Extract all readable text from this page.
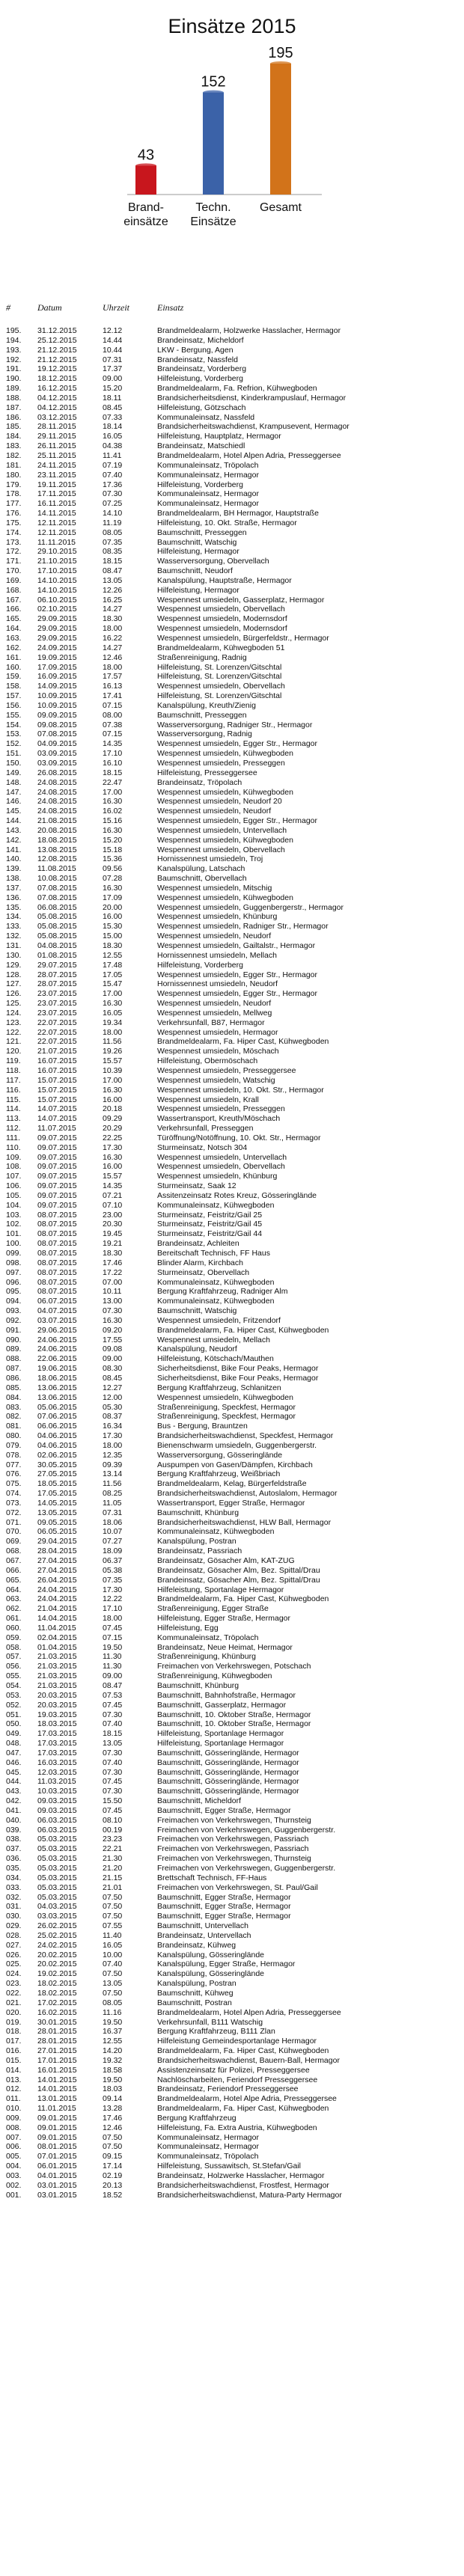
Einsätze 2015
43
Brand-einsätze
152
Techn. Einsätze
195
Gesamt
#	Datum	Uhrzeit	Einsatz
195. 31.12.2015	12.12	Brandmeldealarm, Holzwerke Hasslacher, Hermagor
194. 25.12.2015	14.44	Brandeinsatz, Micheldorf
193. 21.12.2015	10.44	LKW - Bergung, Agen
192. 21.12.2015	07.31	Brandeinsatz, Nassfeld
191. 19.12.2015	17.37	Brandeinsatz, Vorderberg
190. 18.12.2015	09.00	Hilfeleistung, Vorderberg
189. 16.12.2015	15.20	Brandmeldealarm, Fa. Refrion, Kühwegboden
188. 04.12.2015	18.11	Brandsicherheitsdienst, Kinderkrampuslauf, Hermagor
187. 04.12.2015	08.45	Hilfeleistung, Götzschach
186. 03.12.2015	07.33	Kommunaleinsatz, Nassfeld
185. 28.11.2015	18.14	Brandsicherheitswachdienst, Krampusevent, Hermagor
184. 29.11.2015	16.05	Hilfeleistung, Hauptplatz, Hermagor
183. 26.11.2015	04.38	Brandeinsatz, Matschiedl
182. 25.11.2015	11.41	Brandmeldealarm, Hotel Alpen Adria, Presseggersee
181. 24.11.2015	07.19	Kommunaleinsatz, Tröpolach
180. 23.11.2015	07.40	Kommunaleinsatz, Hermagor
179. 19.11.2015	17.36	Hilfeleistung, Vorderberg
178. 17.11.2015	07.30	Kommunaleinsatz, Hermagor
177. 16.11.2015	07.25	Kommunaleinsatz, Hermagor
176. 14.11.2015	14.10	Brandmeldealarm, BH Hermagor, Hauptstraße
175. 12.11.2015	11.19	Hilfeleistung, 10. Okt. Straße, Hermagor
174. 12.11.2015	08.05	Baumschnitt, Presseggen
173. 11.11.2015	07.35	Baumschnitt, Watschig
172. 29.10.2015	08.35	Hilfeleistung, Hermagor
171. 21.10.2015	18.15	Wasserversorgung, Obervellach
170. 17.10.2015	08.47	Baumschnitt, Neudorf
169. 14.10.2015	13.05	Kanalspülung, Hauptstraße, Hermagor
168. 14.10.2015	12.26	Hilfeleistung, Hermagor
167. 06.10.2015	16.25	Wespennest umsiedeln, Gasserplatz, Hermagor
166. 02.10.2015	14.27	Wespennest umsiedeln, Obervellach
165. 29.09.2015	18.30	Wespennest umsiedeln, Modernsdorf
164. 29.09.2015	18.00	Wespennest umsiedeln, Modernsdorf
163. 29.09.2015	16.22	Wespennest umsiedeln, Bürgerfeldstr., Hermagor
162. 24.09.2015	14.27	Brandmeldealarm, Kühwegboden 51
161. 19.09.2015	12.46	Straßenreinigung, Radnig
160. 17.09.2015	18.00	Hilfeleistung, St. Lorenzen/Gitschtal
159. 16.09.2015	17.57	Hilfeleistung, St. Lorenzen/Gitschtal
158. 14.09.2015	16.13	Wespennest umsiedeln, Obervellach
157. 10.09.2015	17.41	Hilfeleistung, St. Lorenzen/Gitschtal
156. 10.09.2015	07.15	Kanalspülung, Kreuth/Zienig
155. 09.09.2015	08.00	Baumschnitt, Presseggen
154. 09.08.2015	07.38	Wasserversorgung, Radniger Str., Hermagor
153. 07.08.2015	07.15	Wasserversorgung, Radnig
152. 04.09.2015	14.35	Wespennest umsiedeln, Egger Str., Hermagor
151. 03.09.2015	17.10	Wespennest umsiedeln, Kühwegboden
150. 03.09.2015	16.10	Wespennest umsiedeln, Presseggen
149. 26.08.2015	18.15	Hilfeleistung, Presseggersee
148. 24.08.2015	22.47	Brandeinsatz, Tröpolach
147. 24.08.2015	17.00	Wespennest umsiedeln, Kühwegboden
146. 24.08.2015	16.30	Wespennest umsiedeln, Neudorf 20
145. 24.08.2015	16.02	Wespennest umsiedeln, Neudorf
144. 21.08.2015	15.16	Wespennest umsiedeln, Egger Str., Hermagor
143. 20.08.2015	16.30	Wespennest umsiedeln, Untervellach
142. 18.08.2015	15.20	Wespennest umsiedeln, Kühwegboden
141. 13.08.2015	15.18	Wespennest umsiedeln, Obervellach
140. 12.08.2015	15.36	Hornissennest umsiedeln, Troj
139. 11.08.2015	09.56	Kanalspülung, Latschach
138. 10.08.2015	07.28	Baumschnitt, Obervellach
137. 07.08.2015	16.30	Wespennest umsiedeln, Mitschig
136. 07.08.2015	17.09	Wespennest umsiedeln, Kühwegboden
135. 06.08.2015	20.00	Wespennest umsiedeln, Guggenbergerstr., Hermagor
134. 05.08.2015	16.00	Wespennest umsiedeln, Khünburg
133. 05.08.2015	15.30	Wespennest umsiedeln, Radniger Str., Hermagor
132. 05.08.2015	15.00	Wespennest umsiedeln, Neudorf
131. 04.08.2015	18.30	Wespennest umsiedeln, Gailtalstr., Hermagor
130. 01.08.2015	12.55	Hornissennest umsiedeln, Mellach
129. 29.07.2015	17.48	Hilfeleistung, Vorderberg
128. 28.07.2015	17.05	Wespennest umsiedeln, Egger Str., Hermagor
127. 28.07.2015	15.47	Hornissennest umsiedeln, Neudorf
126. 23.07.2015	17.00	Wespennest umsiedeln, Egger Str., Hermagor
125. 23.07.2015	16.30	Wespennest umsiedeln, Neudorf
124. 23.07.2015	16.05	Wespennest umsiedeln, Mellweg
123. 22.07.2015	19.34	Verkehrsunfall, B87, Hermagor
122. 22.07.2015	18.00	Wespennest umsiedeln, Hermagor
121. 22.07.2015	11.56	Brandmeldealarm, Fa. Hiper Cast, Kühwegboden
120. 21.07.2015	19.26	Wespennest umsiedeln, Möschach
119. 16.07.2015	15.57	Hilfeleistung, Obermöschach
118. 16.07.2015	10.39	Wespennest umsiedeln, Presseggersee
117. 15.07.2015	17.00	Wespennest umsiedeln, Watschig
116. 15.07.2015	16.30	Wespennest umsiedeln, 10. Okt. Str., Hermagor
115. 15.07.2015	16.00	Wespennest umsiedeln, Krall
114. 14.07.2015	20.18	Wespennest umsiedeln, Presseggen
113. 14.07.2015	09.29	Wassertransport, Kreuth/Möschach
112. 11.07.2015	20.29	Verkehrsunfall, Presseggen
111. 09.07.2015	22.25	Türöffnung/Notöffnung, 10. Okt. Str., Hermagor
110. 09.07.2015	17.30	Sturmeinsatz, Notsch 304
109. 09.07.2015	16.30	Wespennest umsiedeln, Untervellach
108. 09.07.2015	16.00	Wespennest umsiedeln, Obervellach
107. 09.07.2015	15.57	Wespennest umsiedeln, Khünburg
106. 09.07.2015	14.35	Sturmeinsatz, Saak 12
105. 09.07.2015	07.21	Assitenzeinsatz Rotes Kreuz, Gösseringlände
104. 09.07.2015	07.10	Kommunaleinsatz, Kühwegboden
103. 08.07.2015	23.00	Sturmeinsatz, Feistritz/Gail 25
102. 08.07.2015	20.30	Sturmeinsatz, Feistritz/Gail 45
101. 08.07.2015	19.45	Sturmeinsatz, Feistritz/Gail 44
100. 08.07.2015	19.21	Brandeinsatz, Achleiten
099. 08.07.2015	18.30	Bereitschaft Technisch, FF Haus
098. 08.07.2015	17.46	Blinder Alarm, Kirchbach
097. 08.07.2015	17.22	Sturmeinsatz, Obervellach
096. 08.07.2015	07.00	Kommunaleinsatz, Kühwegboden
095. 08.07.2015	10.11	Bergung Kraftfahrzeug, Radniger Alm
094. 06.07.2015	13.00	Kommunaleinsatz, Kühwegboden
093. 04.07.2015	07.30	Baumschnitt, Watschig
092. 03.07.2015	16.30	Wespennest umsiedeln, Fritzendorf
091. 29.06.2015	09.20	Brandmeldealarm, Fa. Hiper Cast, Kühwegboden
090. 24.06.2015	17.55	Wespennest umsiedeln, Mellach
089. 24.06.2015	09.08	Kanalspülung, Neudorf
088. 22.06.2015	09.00	Hilfeleistung, Kötschach/Mauthen
087. 19.06.2015	08.30	Sicherheitsdienst, Bike Four Peaks, Hermagor
086. 18.06.2015	08.45	Sicherheitsdienst, Bike Four Peaks, Hermagor
085. 13.06.2015	12.27	Bergung Kraftfahrzeug, Schlanitzen
084. 13.06.2015	12.00	Wespennest umsiedeln, Kühwegboden
083. 05.06.2015	05.30	Straßenreinigung, Speckfest, Hermagor
082. 07.06.2015	08.37	Straßenreinigung, Speckfest, Hermagor
081. 06.06.2015	16.34	Bus - Bergung, Brauntzen
080. 04.06.2015	17.30	Brandsicherheitswachdienst, Speckfest, Hermagor
079. 04.06.2015	18.00	Bienenschwarm umsiedeln, Guggenbergerstr.
078. 02.06.2015	12.35	Wasserversorgung, Gösseringlände
077. 30.05.2015	09.39	Auspumpen von Gasen/Dämpfen, Kirchbach
076. 27.05.2015	13.14	Bergung Kraftfahrzeug, Weißbriach
075. 18.05.2015	11.56	Brandmeldealarm, Kelag, Bürgerfeldstraße
074. 17.05.2015	08.25	Brandsicherheitswachdienst, Autoslalom, Hermagor
073. 14.05.2015	11.05	Wassertransport, Egger Straße, Hermagor
072. 13.05.2015	07.31	Baumschnitt, Khünburg
071. 09.05.2015	18.06	Brandsicherheitswachdienst, HLW Ball, Hermagor
070. 06.05.2015	10.07	Kommunaleinsatz, Kühwegboden
069. 29.04.2015	07.27	Kanalspülung, Postran
068. 28.04.2015	18.09	Brandeinsatz, Passriach
067. 27.04.2015	06.37	Brandeinsatz, Gösacher Alm, KAT-ZUG
066. 27.04.2015	05.38	Brandeinsatz, Gösacher Alm, Bez. Spittal/Drau
065. 26.04.2015	07.35	Brandeinsatz, Gösacher Alm, Bez. Spittal/Drau
064. 24.04.2015	17.30	Hilfeleistung, Sportanlage Hermagor
063. 24.04.2015	12.22	Brandmeldealarm, Fa. Hiper Cast, Kühwegboden
062. 21.04.2015	17.10	Straßenreinigung, Egger Straße
061. 14.04.2015	18.00	Hilfeleistung, Egger Straße, Hermagor
060. 11.04.2015	07.45	Hilfeleistung, Egg
059. 02.04.2015	07.15	Kommunaleinsatz, Tröpolach
058. 01.04.2015	19.50	Brandeinsatz, Neue Heimat, Hermagor
057. 21.03.2015	11.30	Straßenreinigung, Khünburg
056. 21.03.2015	11.30	Freimachen von Verkehrswegen, Potschach
055. 21.03.2015	09.00	Straßenreinigung, Kühwegboden
054. 21.03.2015	08.47	Baumschnitt, Khünburg
053. 20.03.2015	07.53	Baumschnitt, Bahnhofstraße, Hermagor
052. 20.03.2015	07.45	Baumschnitt, Gasserplatz, Hermagor
051. 19.03.2015	07.30	Baumschnitt, 10. Oktober Straße, Hermagor
050. 18.03.2015	07.40	Baumschnitt, 10. Oktober Straße, Hermagor
049. 17.03.2015	18.15	Hilfeleistung, Sportanlage Hermagor
048. 17.03.2015	13.05	Hilfeleistung, Sportanlage Hermagor
047. 17.03.2015	07.30	Baumschnitt, Gösseringlände, Hermagor
046. 16.03.2015	07.40	Baumschnitt, Gösseringlände, Hermagor
045. 12.03.2015	07.30	Baumschnitt, Gösseringlände, Hermagor
044. 11.03.2015	07.45	Baumschnitt, Gösseringlände, Hermagor
043. 10.03.2015	07.30	Baumschnitt, Gösseringlände, Hermagor
042. 09.03.2015	15.50	Baumschnitt, Micheldorf
041. 09.03.2015	07.45	Baumschnitt, Egger Straße, Hermagor
040. 06.03.2015	08.10	Freimachen von Verkehrswegen, Thurnsteig
039. 06.03.2015	00.19	Freimachen von Verkehrswegen, Guggenbergerstr.
038. 05.03.2015	23.23	Freimachen von Verkehrswegen, Passriach
037. 05.03.2015	22.21	Freimachen von Verkehrswegen, Passriach
036. 05.03.2015	21.30	Freimachen von Verkehrswegen, Thurnsteig
035. 05.03.2015	21.20	Freimachen von Verkehrswegen, Guggenbergerstr.
034. 05.03.2015	21.15	Brettschaft Technisch, FF-Haus
033. 05.03.2015	21.01	Freimachen von Verkehrswegen, St. Paul/Gail
032. 05.03.2015	07.50	Baumschnitt, Egger Straße, Hermagor
031. 04.03.2015	07.50	Baumschnitt, Egger Straße, Hermagor
030. 03.03.2015	07.50	Baumschnitt, Egger Straße, Hermagor
029. 26.02.2015	07.55	Baumschnitt, Untervellach
028. 25.02.2015	11.40	Brandeinsatz, Untervellach
027. 24.02.2015	16.05	Brandeinsatz, Kühweg
026. 20.02.2015	10.00	Kanalspülung, Gösseringlände
025. 20.02.2015	07.40	Kanalspülung, Egger Straße, Hermagor
024. 19.02.2015	07.50	Kanalspülung, Gösseringlände
023. 18.02.2015	13.05	Kanalspülung, Postran
022. 18.02.2015	07.50	Baumschnitt, Kühweg
021. 17.02.2015	08.05	Baumschnitt, Postran
020. 16.02.2015	11.16	Brandmeldealarm, Hotel Alpen Adria, Presseggersee
019. 30.01.2015	19.50	Verkehrsunfall, B111 Watschig
018. 28.01.2015	16.37	Bergung Kraftfahrzeug, B111 Zlan
017. 28.01.2015	12.55	Hilfeleistung Gemeindesportanlage Hermagor
016. 27.01.2015	14.20	Brandmeldealarm, Fa. Hiper Cast, Kühwegboden
015. 17.01.2015	19.32	Brandsicherheitswachdienst, Bauern-Ball, Hermagor
014. 16.01.2015	18.58	Assistenzeinsatz für Polizei, Presseggersee
013. 14.01.2015	19.50	Nachlöscharbeiten, Feriendorf Presseggersee
012. 14.01.2015	18.03	Brandeinsatz, Feriendorf Presseggersee
011. 13.01.2015	09.14	Brandmeldealarm, Hotel Alpe Adria, Presseggersee
010. 11.01.2015	13.28	Brandmeldealarm, Fa. Hiper Cast, Kühwegboden
009. 09.01.2015	17.46	Bergung Kraftfahrzeug
008. 09.01.2015	12.46	Hilfeleistung, Fa. Extra Austria, Kühwegboden
007. 09.01.2015	07.50	Kommunaleinsatz, Hermagor
006. 08.01.2015	07.50	Kommunaleinsatz, Hermagor
005. 07.01.2015	09.15	Kommunaleinsatz, Tröpolach
004. 06.01.2015	17.14	Hilfeleistung, Sussawitsch, St.Stefan/Gail
003. 04.01.2015	02.19	Brandeinsatz, Holzwerke Hasslacher, Hermagor
002. 03.01.2015	20.13	Brandsicherheitswachdienst, Frostfest, Hermagor
001. 03.01.2015	18.52	Brandsicherheitswachdienst, Matura-Party Hermagor
